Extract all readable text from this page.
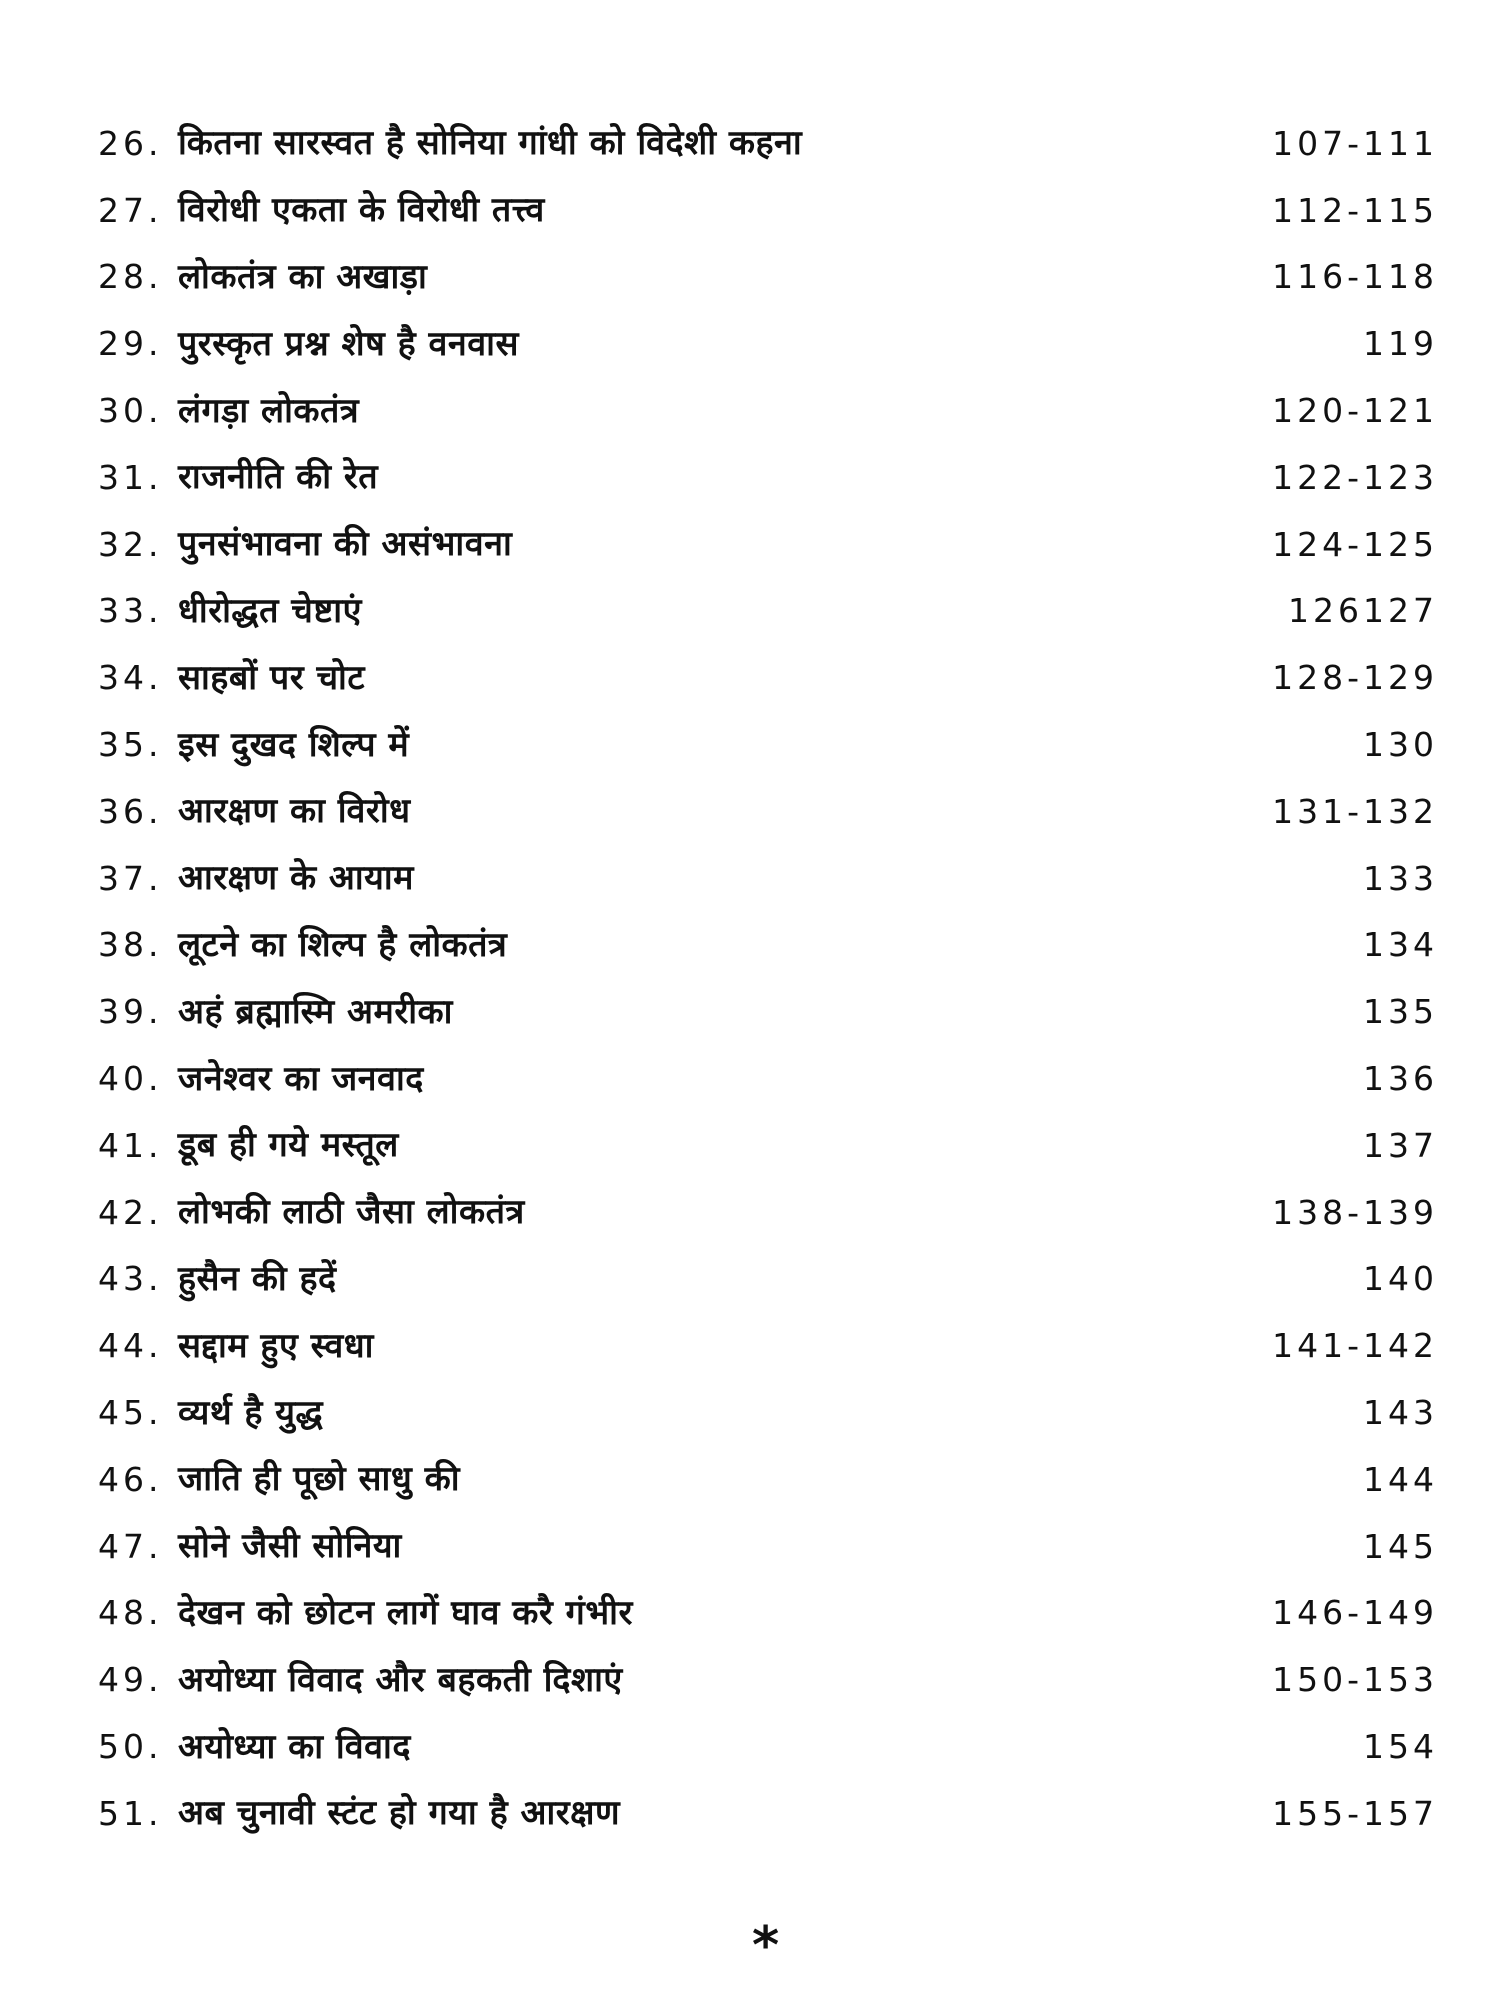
26. कितना सारस्वत है सोनिया गांधी को विदेशी कहना	107-111
27. विरोधी एकता के विरोधी तत्त्व	112-115
28. लोकतंत्र का अखाड़ा	116-118
29. पुरस्कृत प्रश्न शेष है वनवास	119
30. लंगड़ा लोकतंत्र	120-121
31. राजनीति की रेत	122-123
32. पुनसंभावना की असंभावना	124-125
33. धीरोद्धत चेष्टाएं	126127
34. साहबों पर चोट	128-129
35. इस दुखद शिल्प में	130
36. आरक्षण का विरोध	131-132
37. आरक्षण के आयाम	133
38. लूटने का शिल्प है लोकतंत्र	134
39. अहं ब्रह्मास्मि अमरीका	135
40. जनेश्वर का जनवाद	136
41. डूब ही गये मस्तूल	137
42. लोभकी लाठी जैसा लोकतंत्र	138-139
43. हुसैन की हदें	140
44. सद्दाम हुए स्वधा	141-142
45. व्यर्थ है युद्ध	143
46. जाति ही पूछो साधु की	144
47. सोने जैसी सोनिया	145
48. देखन को छोटन लागें घाव करै गंभीर	146-149
49. अयोध्या विवाद और बहकती दिशाएं	150-153
50. अयोध्या का विवाद	154
51. अब चुनावी स्टंट हो गया है आरक्षण	155-157
*
